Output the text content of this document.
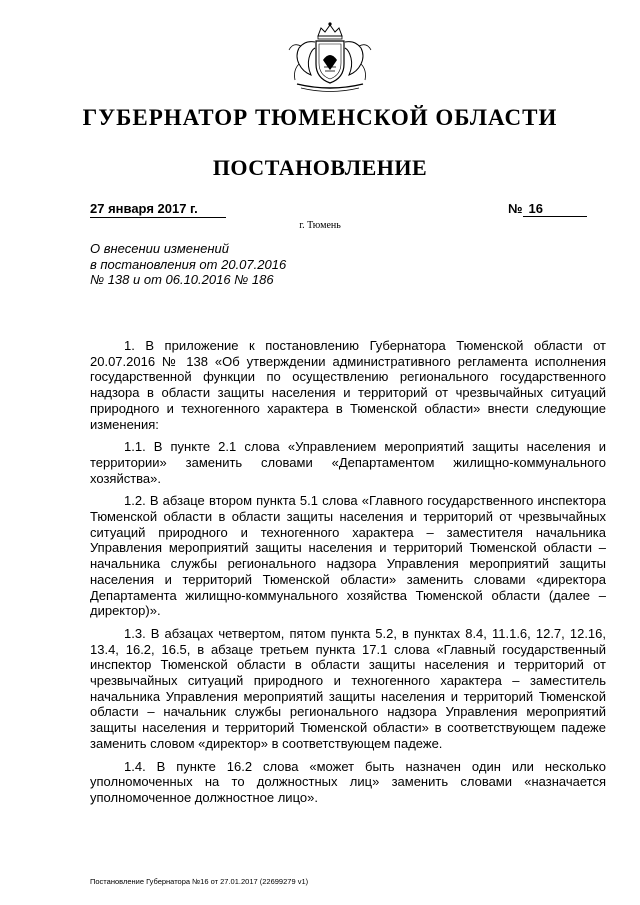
ГУБЕРНАТОР ТЮМЕНСКОЙ ОБЛАСТИ
ПОСТАНОВЛЕНИЕ
27 января 2017 г.	№ 16
г. Тюмень
О внесении изменений
в постановления от 20.07.2016
№ 138 и от 06.10.2016 № 186

1. В приложение к постановлению Губернатора Тюменской области от 20.07.2016 № 138 «Об утверждении административного регламента исполнения государственной функции по осуществлению регионального государственного надзора в области защиты населения и территорий от чрезвычайных ситуаций природного и техногенного характера в Тюменской области» внести следующие изменения:

1.1. В пункте 2.1 слова «Управлением мероприятий защиты населения и территории» заменить словами «Департаментом жилищно-коммунального хозяйства».

1.2. В абзаце втором пункта 5.1 слова «Главного государственного инспектора Тюменской области в области защиты населения и территорий от чрезвычайных ситуаций природного и техногенного характера – заместителя начальника Управления мероприятий защиты населения и территорий Тюменской области – начальника службы регионального надзора Управления мероприятий защиты населения и территорий Тюменской области» заменить словами «директора Департамента жилищно-коммунального хозяйства Тюменской области (далее – директор)».

1.3. В абзацах четвертом, пятом пункта 5.2, в пунктах 8.4, 11.1.6, 12.7, 12.16, 13.4, 16.2, 16.5, в абзаце третьем пункта 17.1 слова «Главный государственный инспектор Тюменской области в области защиты населения и территорий от чрезвычайных ситуаций природного и техногенного характера – заместитель начальника Управления мероприятий защиты населения и территорий Тюменской области – начальник службы регионального надзора Управления мероприятий защиты населения и территорий Тюменской области» в соответствующем падеже заменить словом «директор» в соответствующем падеже.

1.4. В пункте 16.2 слова «может быть назначен один или несколько уполномоченных на то должностных лиц» заменить словами «назначается уполномоченное должностное лицо».

Постановление Губернатора №16 от 27.01.2017 (22699279 v1)
